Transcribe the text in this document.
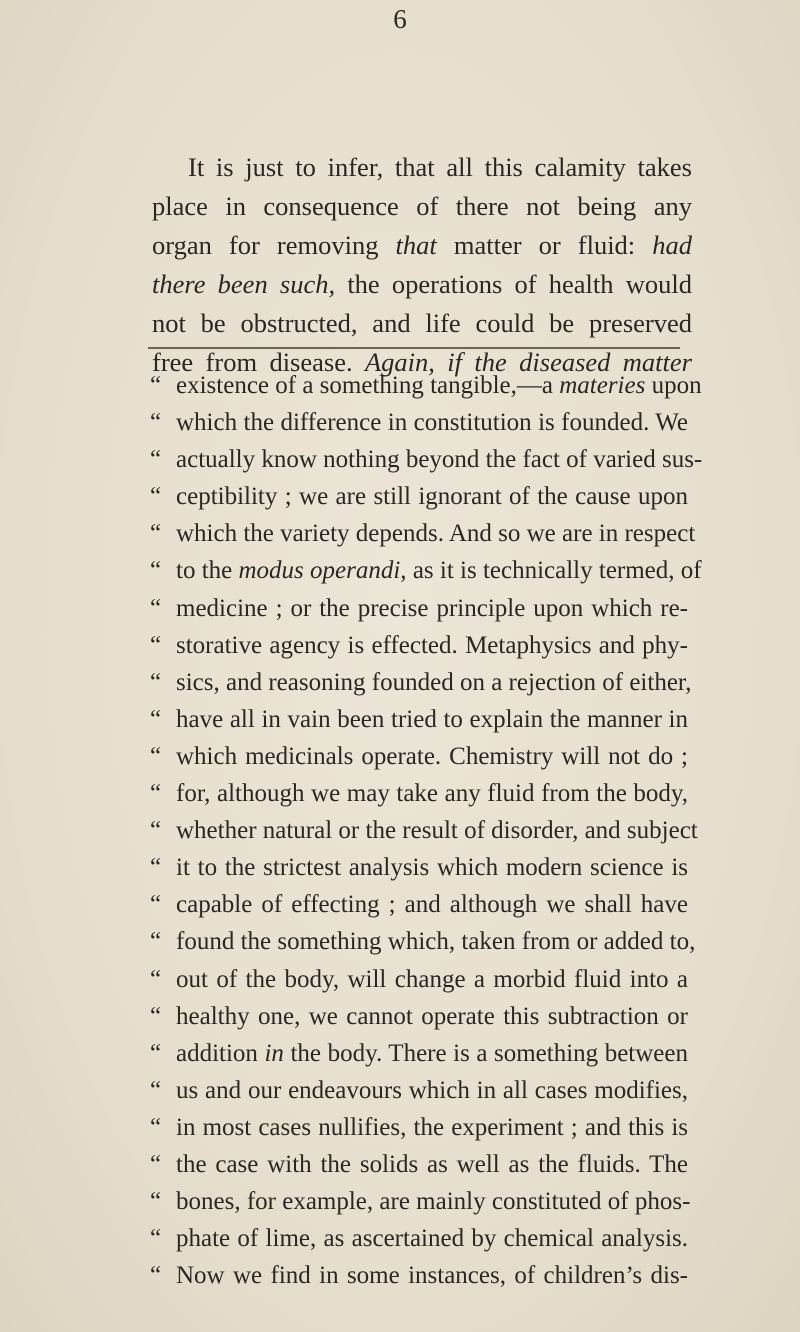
6
It is just to infer, that all this calamity takes
place in consequence of there not being any
organ for removing that matter or fluid: had
there been such, the operations of health would
not be obstructed, and life could be preserved
free from disease. Again, if the diseased matter
“ existence of a something tangible,—a materies upon
“ which the difference in constitution is founded. We
“ actually know nothing beyond the fact of varied sus-
“ ceptibility ; we are still ignorant of the cause upon
“ which the variety depends. And so we are in respect
“ to the modus operandi, as it is technically termed, of
“ medicine ; or the precise principle upon which re-
“ storative agency is effected. Metaphysics and phy-
“ sics, and reasoning founded on a rejection of either,
“ have all in vain been tried to explain the manner in
“ which medicinals operate. Chemistry will not do ;
“ for, although we may take any fluid from the body,
“ whether natural or the result of disorder, and subject
“ it to the strictest analysis which modern science is
“ capable of effecting ; and although we shall have
“ found the something which, taken from or added to,
“ out of the body, will change a morbid fluid into a
“ healthy one, we cannot operate this subtraction or
“ addition in the body. There is a something between
“ us and our endeavours which in all cases modifies,
“ in most cases nullifies, the experiment ; and this is
“ the case with the solids as well as the fluids. The
“ bones, for example, are mainly constituted of phos-
“ phate of lime, as ascertained by chemical analysis.
“ Now we find in some instances, of children’s dis-
